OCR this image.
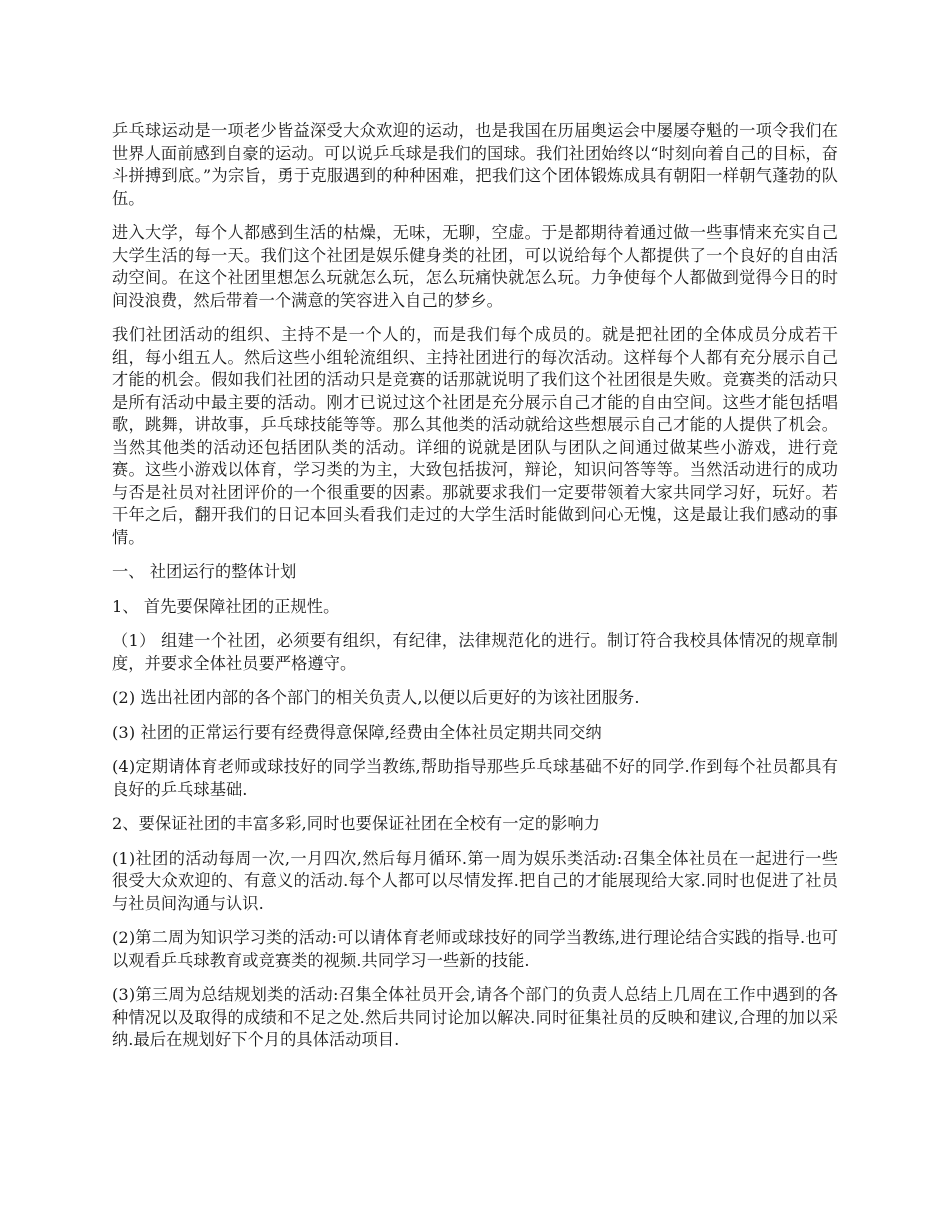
乒乓球运动是一项老少皆益深受大众欢迎的运动，也是我国在历届奥运会中屡屡夺魁的一项令我们在世界人面前感到自豪的运动。可以说乒乓球是我们的国球。我们社团始终以“时刻向着自己的目标，奋斗拼搏到底。”为宗旨，勇于克服遇到的种种困难，把我们这个团体锻炼成具有朝阳一样朝气蓬勃的队伍。

进入大学，每个人都感到生活的枯燥，无味，无聊，空虚。于是都期待着通过做一些事情来充实自己大学生活的每一天。我们这个社团是娱乐健身类的社团，可以说给每个人都提供了一个良好的自由活动空间。在这个社团里想怎么玩就怎么玩，怎么玩痛快就怎么玩。力争使每个人都做到觉得今日的时间没浪费，然后带着一个满意的笑容进入自己的梦乡。

我们社团活动的组织、主持不是一个人的，而是我们每个成员的。就是把社团的全体成员分成若干组，每小组五人。然后这些小组轮流组织、主持社团进行的每次活动。这样每个人都有充分展示自己才能的机会。假如我们社团的活动只是竞赛的话那就说明了我们这个社团很是失败。竞赛类的活动只是所有活动中最主要的活动。刚才已说过这个社团是充分展示自己才能的自由空间。这些才能包括唱歌，跳舞，讲故事，乒乓球技能等等。那么其他类的活动就给这些想展示自己才能的人提供了机会。当然其他类的活动还包括团队类的活动。详细的说就是团队与团队之间通过做某些小游戏，进行竞赛。这些小游戏以体育，学习类的为主，大致包括拔河，辩论，知识问答等等。当然活动进行的成功与否是社员对社团评价的一个很重要的因素。那就要求我们一定要带领着大家共同学习好，玩好。若干年之后，翻开我们的日记本回头看我们走过的大学生活时能做到问心无愧，这是最让我们感动的事情。

一、 社团运行的整体计划

1、 首先要保障社团的正规性。

（1） 组建一个社团，必须要有组织，有纪律，法律规范化的进行。制订符合我校具体情况的规章制度，并要求全体社员要严格遵守。

(2) 选出社团内部的各个部门的相关负责人,以便以后更好的为该社团服务.

(3) 社团的正常运行要有经费得意保障,经费由全体社员定期共同交纳

(4)定期请体育老师或球技好的同学当教练,帮助指导那些乒乓球基础不好的同学.作到每个社员都具有良好的乒乓球基础.

2、要保证社团的丰富多彩,同时也要保证社团在全校有一定的影响力

(1)社团的活动每周一次,一月四次,然后每月循环.第一周为娱乐类活动:召集全体社员在一起进行一些很受大众欢迎的、有意义的活动.每个人都可以尽情发挥.把自己的才能展现给大家.同时也促进了社员与社员间沟通与认识.

(2)第二周为知识学习类的活动:可以请体育老师或球技好的同学当教练,进行理论结合实践的指导.也可以观看乒乓球教育或竞赛类的视频.共同学习一些新的技能.

(3)第三周为总结规划类的活动:召集全体社员开会,请各个部门的负责人总结上几周在工作中遇到的各种情况以及取得的成绩和不足之处.然后共同讨论加以解决.同时征集社员的反映和建议,合理的加以采纳.最后在规划好下个月的具体活动项目.
